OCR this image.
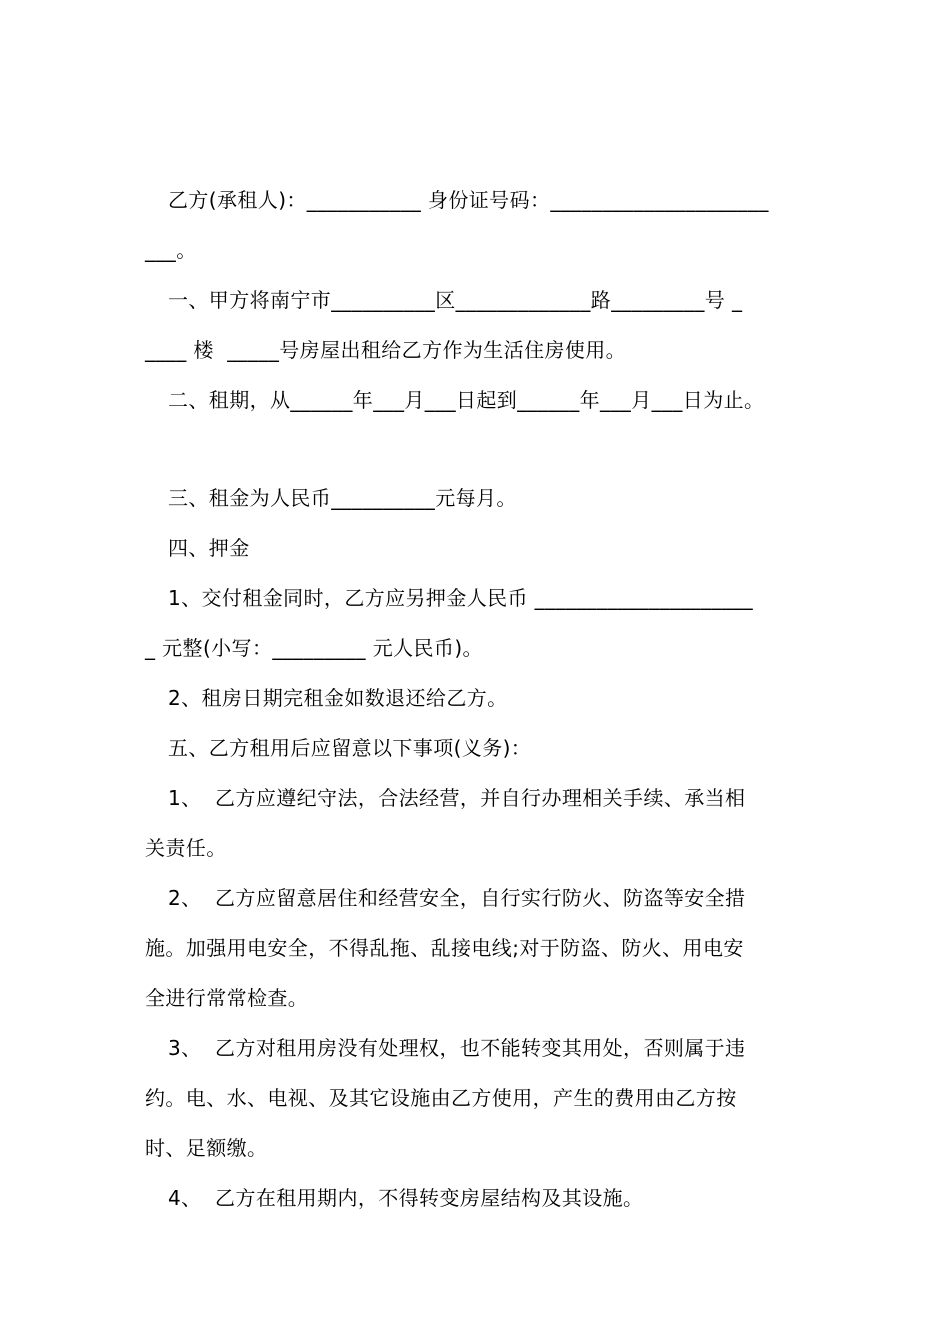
乙方(承租人)：___________ 身份证号码：_____________________
___。
一、甲方将南宁市__________区_____________路_________号 _
____ 楼  _____号房屋出租给乙方作为生活住房使用。
二、租期，从______年___月___日起到______年___月___日为止。
三、租金为人民币__________元每月。
四、押金
1、交付租金同时，乙方应另押金人民币 _____________________
_ 元整(小写：_________ 元人民币)。
2、租房日期完租金如数退还给乙方。
五、乙方租用后应留意以下事项(义务)：
1、  乙方应遵纪守法，合法经营，并自行办理相关手续、承当相
关责任。
2、  乙方应留意居住和经营安全，自行实行防火、防盗等安全措
施。加强用电安全，不得乱拖、乱接电线;对于防盗、防火、用电安
全进行常常检查。
3、  乙方对租用房没有处理权，也不能转变其用处，否则属于违
约。电、水、电视、及其它设施由乙方使用，产生的费用由乙方按
时、足额缴。
4、  乙方在租用期内，不得转变房屋结构及其设施。
